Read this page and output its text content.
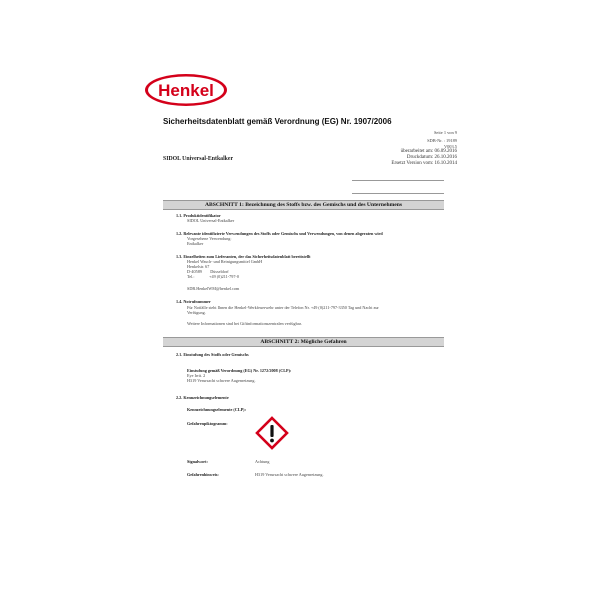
Henkel
Sicherheitsdatenblatt gemäß Verordnung (EG) Nr. 1907/2006
Seite 1 von 9
SDB-Nr. : 19189
V003.5
überarbeitet am: 06.09.2016
Druckdatum: 26.10.2016
Ersetzt Version vom: 16.10.2014
SIDOL Universal-Entkalker
ABSCHNITT 1: Bezeichnung des Stoffs bzw. des Gemischs und des Unternehmens
1.1. Produktidentifikator
SIDOL Universal-Entkalker
1.2. Relevante identifizierte Verwendungen des Stoffs oder Gemischs und Verwendungen, von denen abgeraten wird
Vorgesehene Verwendung:
Entkalker
1.3. Einzelheiten zum Lieferanten, der das Sicherheitsdatenblatt bereitstellt
Henkel Wasch- und Reinigungsmittel GmbH
Henkelstr. 67
D-40589        Düsseldorf
Tel.:              +49 (0)211-797-0
SDB.HenkelWM@henkel.com
1.4. Notrufnummer
Für Notfälle steht Ihnen die Henkel-Werkfeuerwehr unter der Telefon Nr. +49 (0)211-797-3350 Tag und Nacht zur
Verfügung.
Weitere Informationen sind bei Giftinformationszentralen verfügbar.
ABSCHNITT 2: Mögliche Gefahren
2.1. Einstufung des Stoffs oder Gemischs
Einstufung gemäß Verordnung (EG) Nr. 1272/2008 (CLP):
Eye Irrit. 2
H319 Verursacht schwere Augenreizung.
2.2. Kennzeichnungselemente
Kennzeichnungselemente (CLP):
Gefahrenpiktogramm:
Signalwort:	Achtung
Gefahrenhinweis:	H319 Verursacht schwere Augenreizung.
